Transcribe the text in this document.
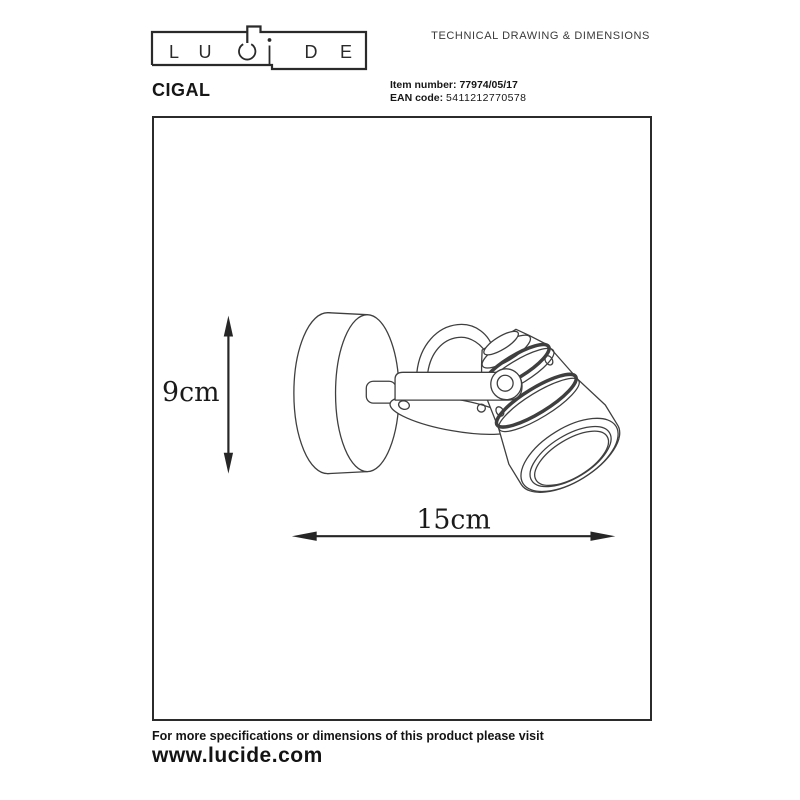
L U	D E
TECHNICAL DRAWING & DIMENSIONS
CIGAL	Item number: 77974/05/17
EAN code: 5411212770578
9cm
15cm
For more specifications or dimensions of this product please visit
www.lucide.com
